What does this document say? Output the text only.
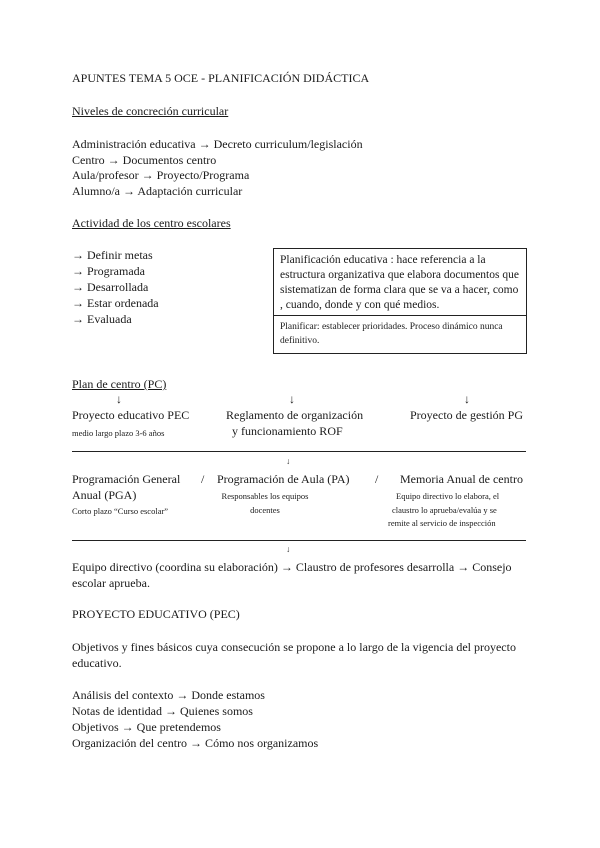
APUNTES TEMA 5 OCE - PLANIFICACIÓN DIDÁCTICA
Niveles de concreción curricular
Administración educativa → Decreto curriculum/legislación
Centro → Documentos centro
Aula/profesor → Proyecto/Programa
Alumno/a → Adaptación curricular
Actividad de los centro escolares
→ Definir metas
→ Programada
→ Desarrollada
→ Estar ordenada
→ Evaluada
Planificación educativa : hace referencia a la estructura organizativa que elabora documentos que sistematizan de forma clara que se va a hacer, como , cuando, donde y con qué medios.
Planificar: establecer prioridades. Proceso dinámico nunca definitivo.
Plan de centro (PC)
↓	↓	↓
Proyecto educativo PEC
medio largo plazo 3-6 años
Reglamento de organización
y funcionamiento ROF
Proyecto de gestión PG
↓
Programación General
Anual (PGA)
Corto plazo “Curso escolar”
/ Programación de Aula (PA)
Responsables los equipos
docentes
/ Memoria Anual de centro
Equipo directivo lo elabora, el
claustro lo aprueba/evalúa y se
remite al servicio de inspección
↓
Equipo directivo (coordina su elaboración) → Claustro de profesores desarrolla → Consejo
escolar aprueba.
PROYECTO EDUCATIVO (PEC)
Objetivos y fines básicos cuya consecución se propone a lo largo de la vigencia del proyecto
educativo.
Análisis del contexto → Donde estamos
Notas de identidad → Quienes somos
Objetivos → Que pretendemos
Organización del centro → Cómo nos organizamos
